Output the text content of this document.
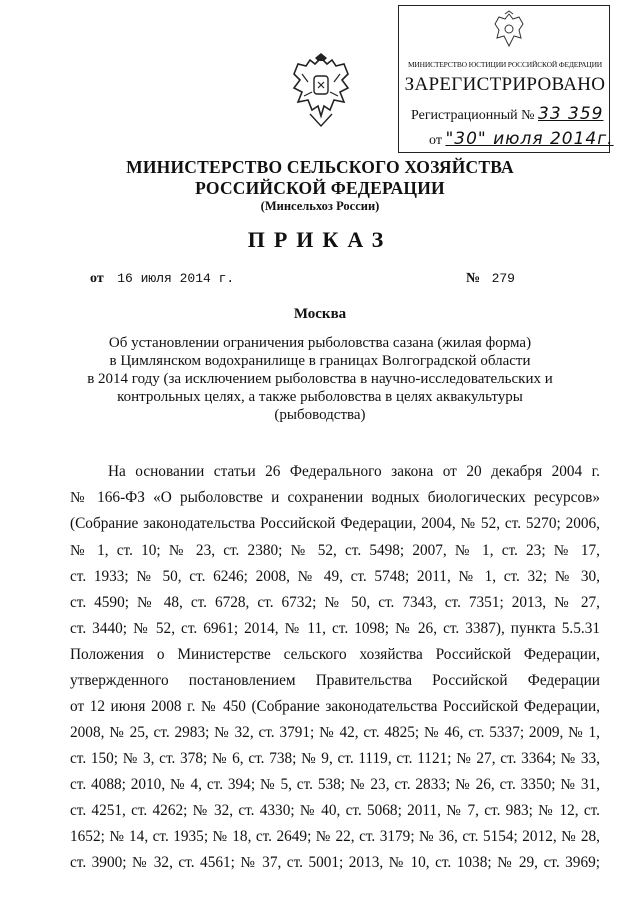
МИНИСТЕРСТВО ЮСТИЦИИ РОССИЙСКОЙ ФЕДЕРАЦИИ
ЗАРЕГИСТРИРОВАНО
Регистрационный № 33 359
от "30" июля 2014г.
МИНИСТЕРСТВО СЕЛЬСКОГО ХОЗЯЙСТВА
РОССИЙСКОЙ ФЕДЕРАЦИИ
(Минсельхоз России)
ПРИКАЗ
от 16 июля 2014 г.	№ 279
Москва
Об установлении ограничения рыболовства сазана (жилая форма)
в Цимлянском водохранилище в границах Волгоградской области
в 2014 году (за исключением рыболовства в научно-исследовательских и
контрольных целях, а также рыболовства в целях аквакультуры
(рыбоводства)
На основании статьи 26 Федерального закона от 20 декабря 2004 г.
№ 166-ФЗ «О рыболовстве и сохранении водных биологических ресурсов»
(Собрание законодательства Российской Федерации, 2004, № 52, ст. 5270; 2006,
№ 1, ст. 10; № 23, ст. 2380; № 52, ст. 5498; 2007, № 1, ст. 23; № 17,
ст. 1933; № 50, ст. 6246; 2008, № 49, ст. 5748; 2011, № 1, ст. 32; № 30,
ст. 4590; № 48, ст. 6728, ст. 6732; № 50, ст. 7343, ст. 7351; 2013, № 27,
ст. 3440; № 52, ст. 6961; 2014, № 11, ст. 1098; № 26, ст. 3387), пункта 5.5.31
Положения о Министерстве сельского хозяйства Российской Федерации,
утвержденного постановлением Правительства Российской Федерации
от 12 июня 2008 г. № 450 (Собрание законодательства Российской Федерации,
2008, № 25, ст. 2983; № 32, ст. 3791; № 42, ст. 4825; № 46, ст. 5337; 2009, № 1,
ст. 150; № 3, ст. 378; № 6, ст. 738; № 9, ст. 1119, ст. 1121; № 27, ст. 3364; № 33,
ст. 4088; 2010, № 4, ст. 394; № 5, ст. 538; № 23, ст. 2833; № 26, ст. 3350; № 31,
ст. 4251, ст. 4262; № 32, ст. 4330; № 40, ст. 5068; 2011, № 7, ст. 983; № 12, ст.
1652; № 14, ст. 1935; № 18, ст. 2649; № 22, ст. 3179; № 36, ст. 5154; 2012, № 28,
ст. 3900; № 32, ст. 4561; № 37, ст. 5001; 2013, № 10, ст. 1038; № 29, ст. 3969;
